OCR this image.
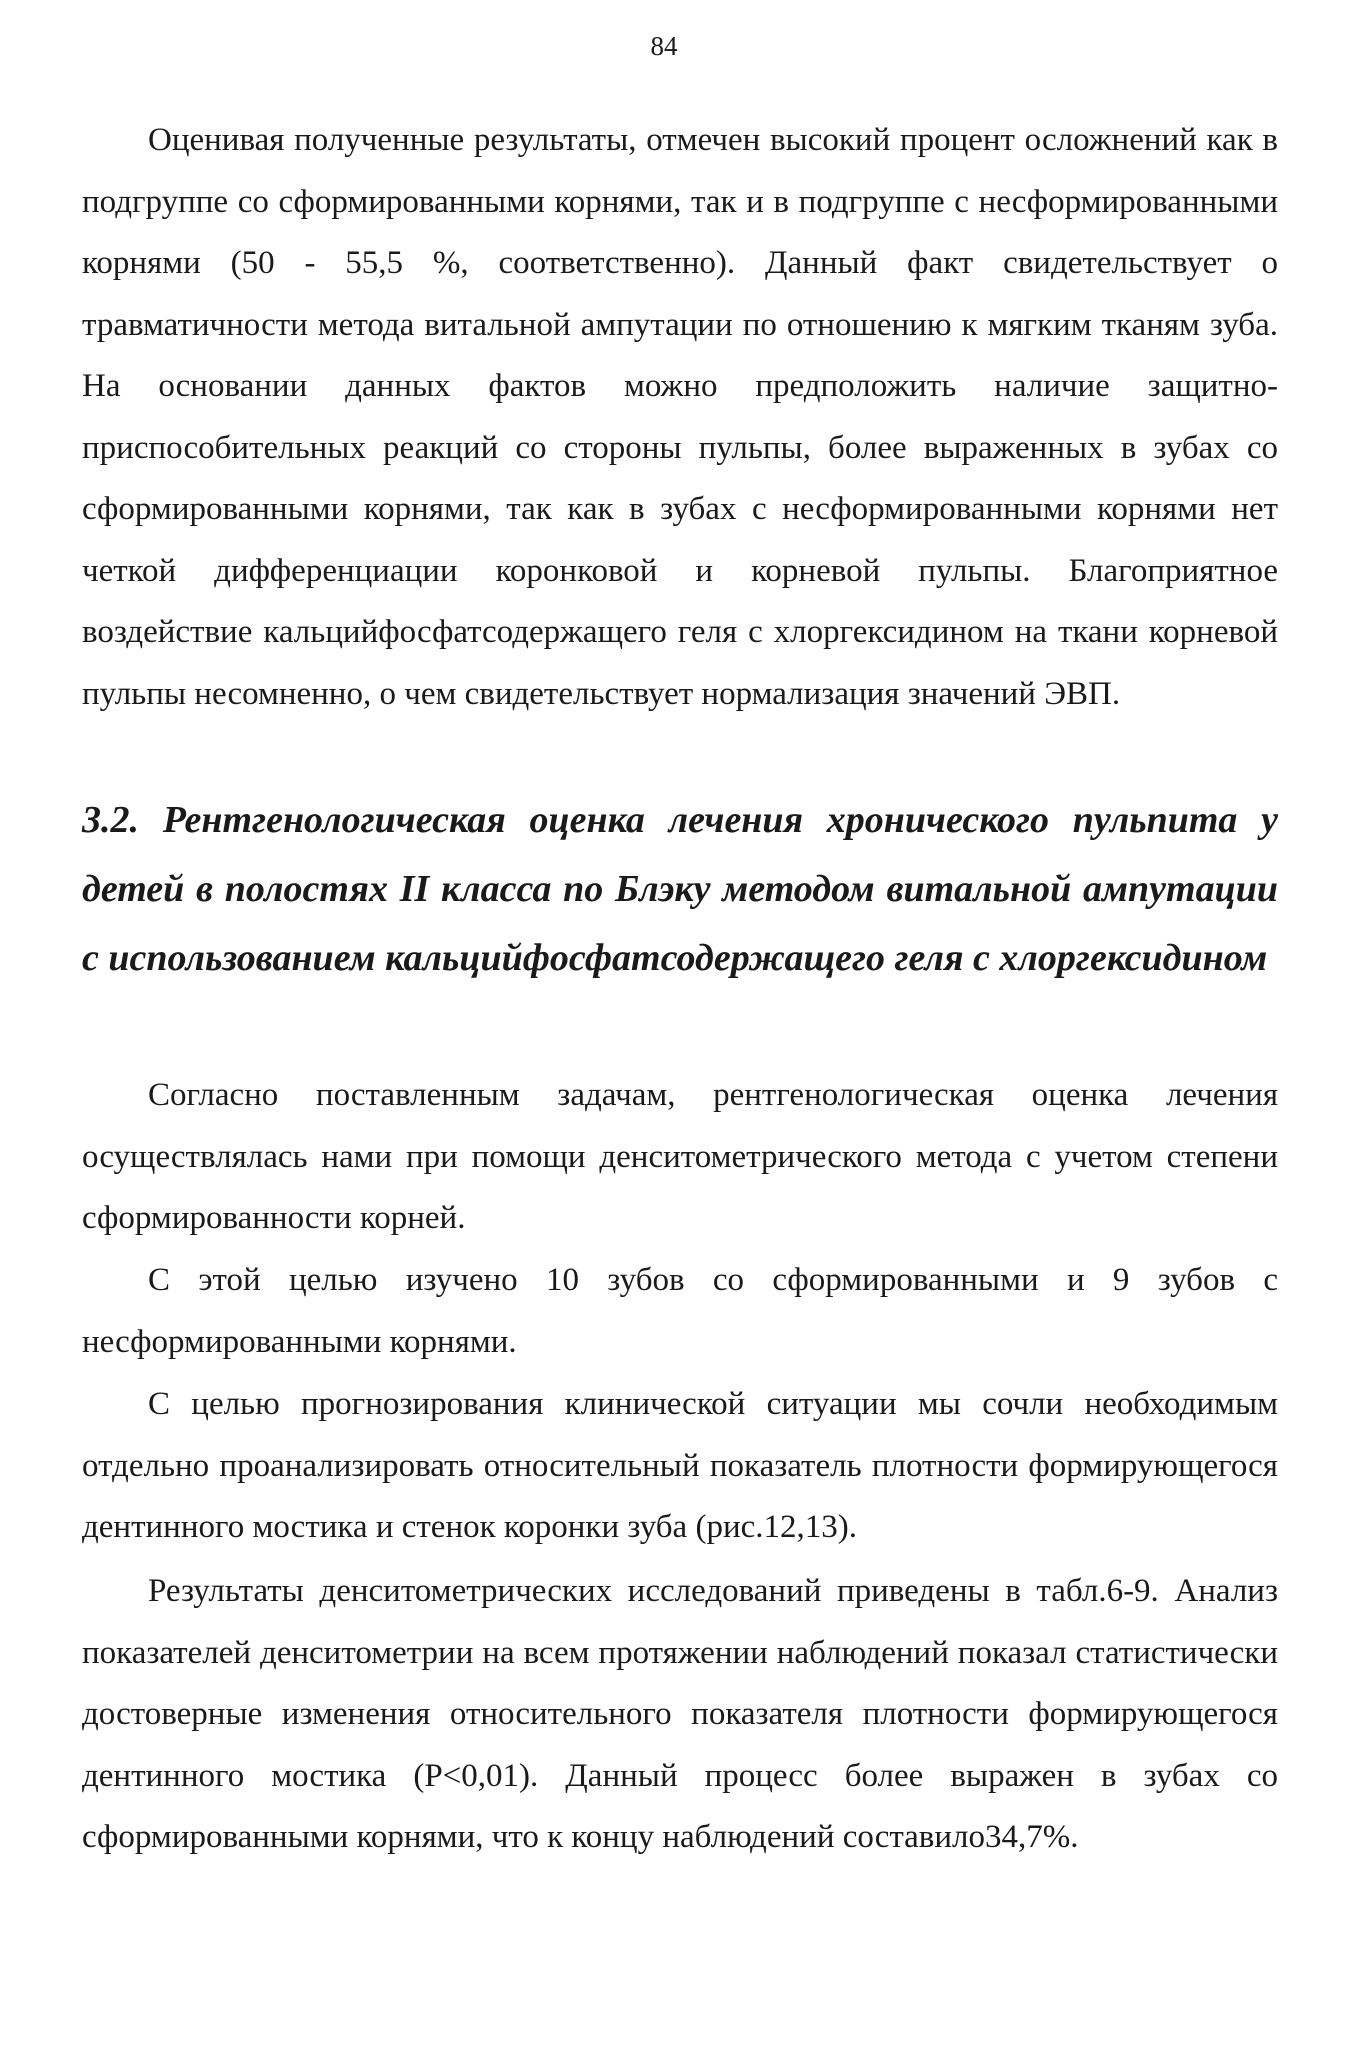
84

Оценивая полученные результаты, отмечен высокий процент осложнений как в подгруппе со сформированными корнями, так и в подгруппе с несформированными корнями (50 - 55,5 %, соответственно). Данный факт свидетельствует о травматичности метода витальной ампутации по отношению к мягким тканям зуба. На основании данных фактов можно предположить наличие защитно-приспособительных реакций со стороны пульпы, более выраженных в зубах со сформированными корнями, так как в зубах с несформированными корнями нет четкой дифференциации коронковой и корневой пульпы. Благоприятное воздействие кальцийфосфатсодержащего геля с хлоргексидином на ткани корневой пульпы несомненно, о чем свидетельствует нормализация значений ЭВП.

3.2. Рентгенологическая оценка лечения хронического пульпита у детей в полостях II класса по Блэку методом витальной ампутации с использованием кальцийфосфатсодержащего геля с хлоргексидином

Согласно поставленным задачам, рентгенологическая оценка лечения осуществлялась нами при помощи денситометрического метода с учетом степени сформированности корней.

С этой целью изучено 10 зубов со сформированными и 9 зубов с несформированными корнями.

С целью прогнозирования клинической ситуации мы сочли необходимым отдельно проанализировать относительный показатель плотности формирующегося дентинного мостика и стенок коронки зуба (рис.12,13).

Результаты денситометрических исследований приведены в табл.6-9. Анализ показателей денситометрии на всем протяжении наблюдений показал статистически достоверные изменения относительного показателя плотности формирующегося дентинного мостика (P<0,01). Данный процесс более выражен в зубах со сформированными корнями, что к концу наблюдений составило34,7%.
